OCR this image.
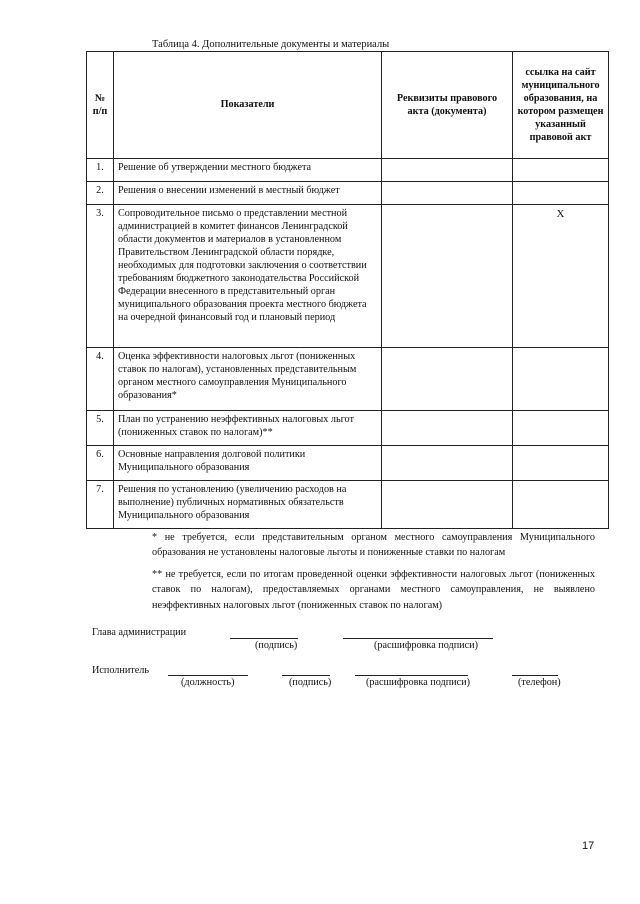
Таблица 4. Дополнительные документы и материалы
№ п/п	Показатели	Реквизиты правового акта (документа)	ссылка на сайт муниципального образования, на котором размещен указанный правовой акт
1.	Решение об утверждении местного бюджета		
2.	Решения о внесении изменений в местный бюджет		
3.	Сопроводительное письмо о представлении местной администрацией в комитет финансов Ленинградской области документов и материалов в установленном Правительством Ленинградской области порядке, необходимых для подготовки заключения о соответствии требованиям бюджетного законодательства Российской Федерации внесенного в представительный орган муниципального образования проекта местного бюджета на очередной финансовый год и плановый период		Х
4.	Оценка эффективности налоговых льгот (пониженных ставок по налогам), установленных представительным органом местного самоуправления Муниципального образования*		
5.	План по устранению неэффективных налоговых льгот (пониженных ставок по налогам)**		
6.	Основные направления долговой политики Муниципального образования		
7.	Решения по установлению (увеличению расходов на выполнение) публичных нормативных обязательств Муниципального образования		
* не требуется, если представительным органом местного самоуправления Муниципального образования не установлены налоговые льготы и пониженные ставки по налогам
** не требуется, если по итогам проведенной оценки эффективности налоговых льгот (пониженных ставок по налогам), предоставляемых органами местного самоуправления, не выявлено неэффективных налоговых льгот (пониженных ставок по налогам)
Глава администрации
(подпись)	(расшифровка подписи)
Исполнитель
(должность)	(подпись)	(расшифровка подписи)	(телефон)
17
